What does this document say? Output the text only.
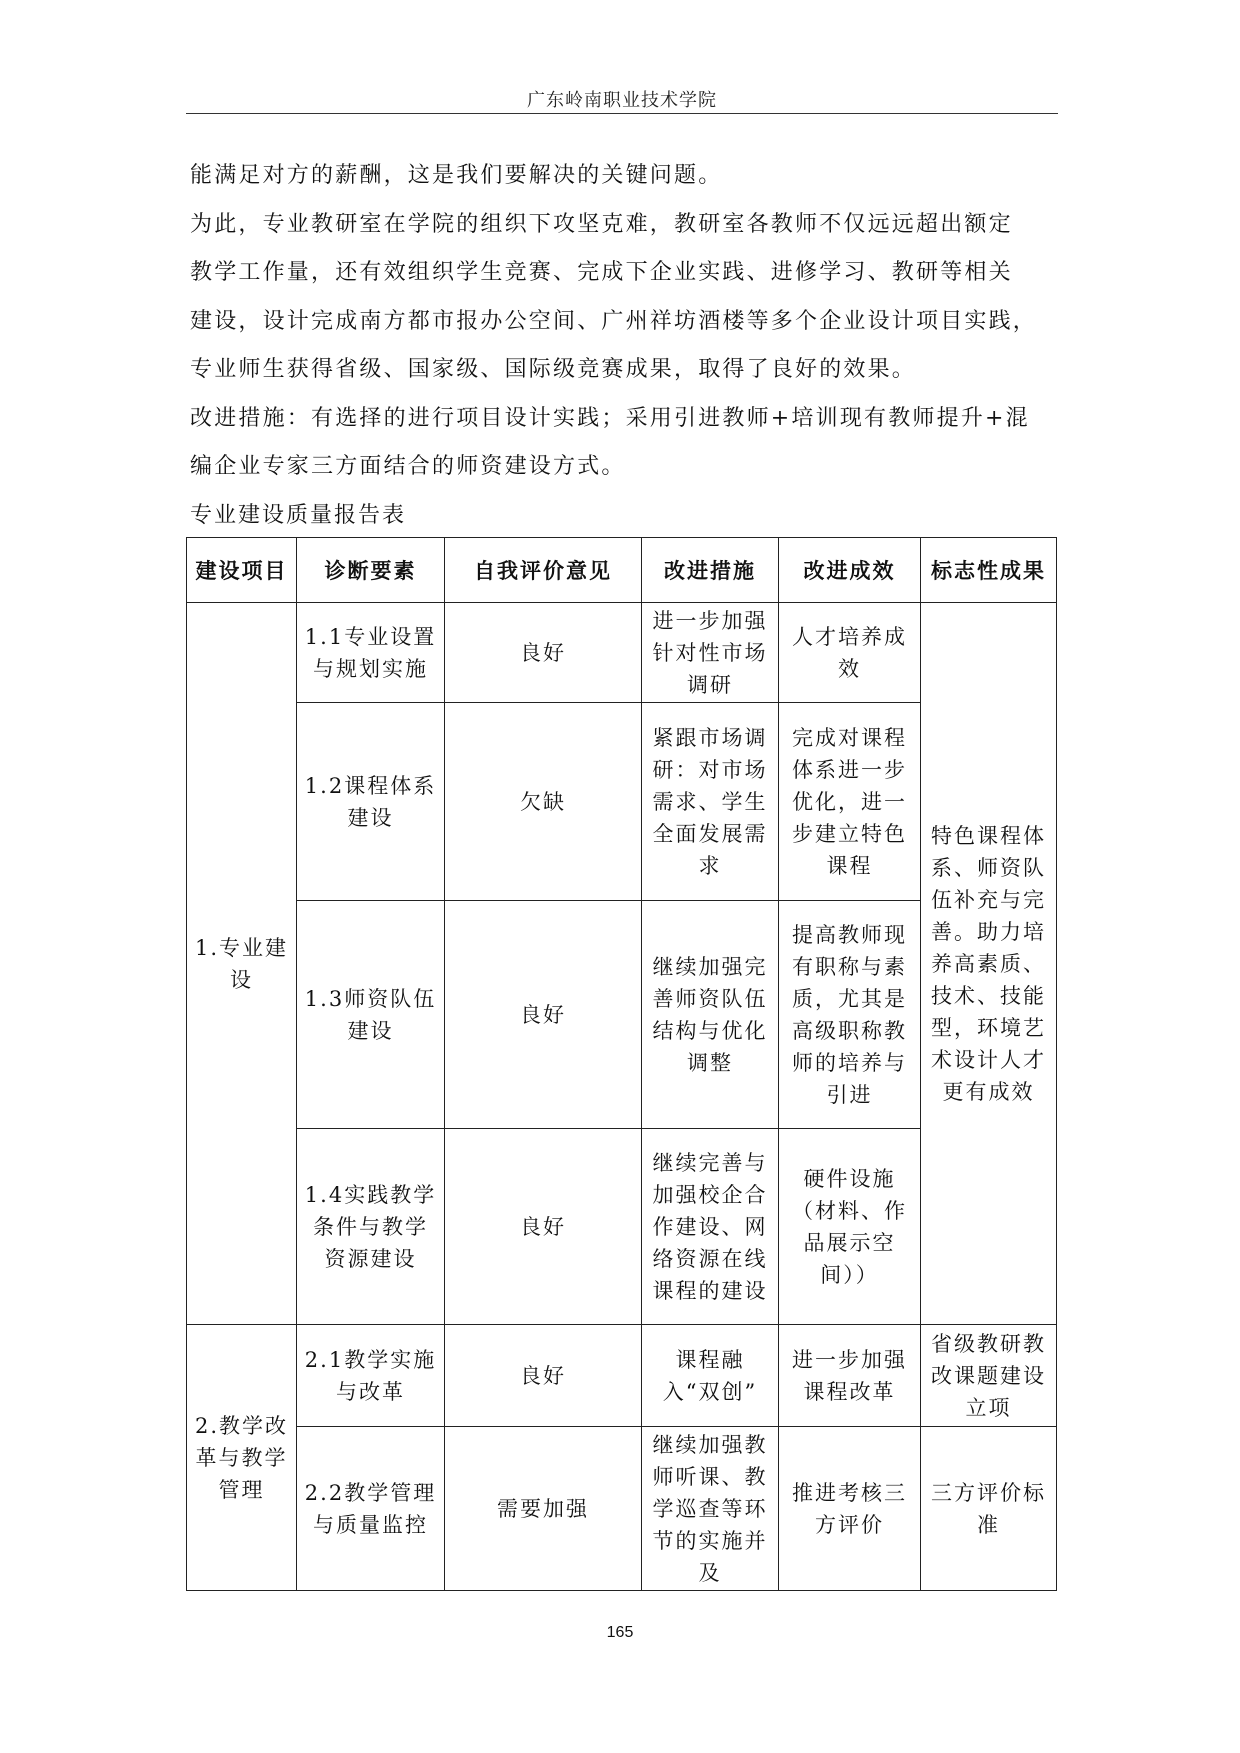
广东岭南职业技术学院

能满足对方的薪酬，这是我们要解决的关键问题。

为此，专业教研室在学院的组织下攻坚克难，教研室各教师不仅远远超出额定

教学工作量，还有效组织学生竞赛、完成下企业实践、进修学习、教研等相关

建设，设计完成南方都市报办公空间、广州祥坊酒楼等多个企业设计项目实践，

专业师生获得省级、国家级、国际级竞赛成果，取得了良好的效果。

改进措施：有选择的进行项目设计实践；采用引进教师+培训现有教师提升+混

编企业专家三方面结合的师资建设方式。

专业建设质量报告表

建设项目	诊断要素	自我评价意见	改进措施	改进成效	标志性成果
1.专业建设	1.1专业设置与规划实施	良好	进一步加强针对性市场调研	人才培养成效	特色课程体系、师资队伍补充与完善。助力培养高素质、技术、技能型，环境艺术设计人才更有成效
	1.2课程体系建设	欠缺	紧跟市场调研：对市场需求、学生全面发展需求	完成对课程体系进一步优化，进一步建立特色课程	
	1.3师资队伍建设	良好	继续加强完善师资队伍结构与优化调整	提高教师现有职称与素质，尤其是高级职称教师的培养与引进	
	1.4实践教学条件与教学资源建设	良好	继续完善与加强校企合作建设、网络资源在线课程的建设	硬件设施（材料、作品展示空间））	
2.教学改革与教学管理	2.1教学实施与改革	良好	课程融入“双创”	进一步加强课程改革	省级教研教改课题建设立项
	2.2教学管理与质量监控	需要加强	继续加强教师听课、教学巡查等环节的实施并及	推进考核三方评价	三方评价标准
165
